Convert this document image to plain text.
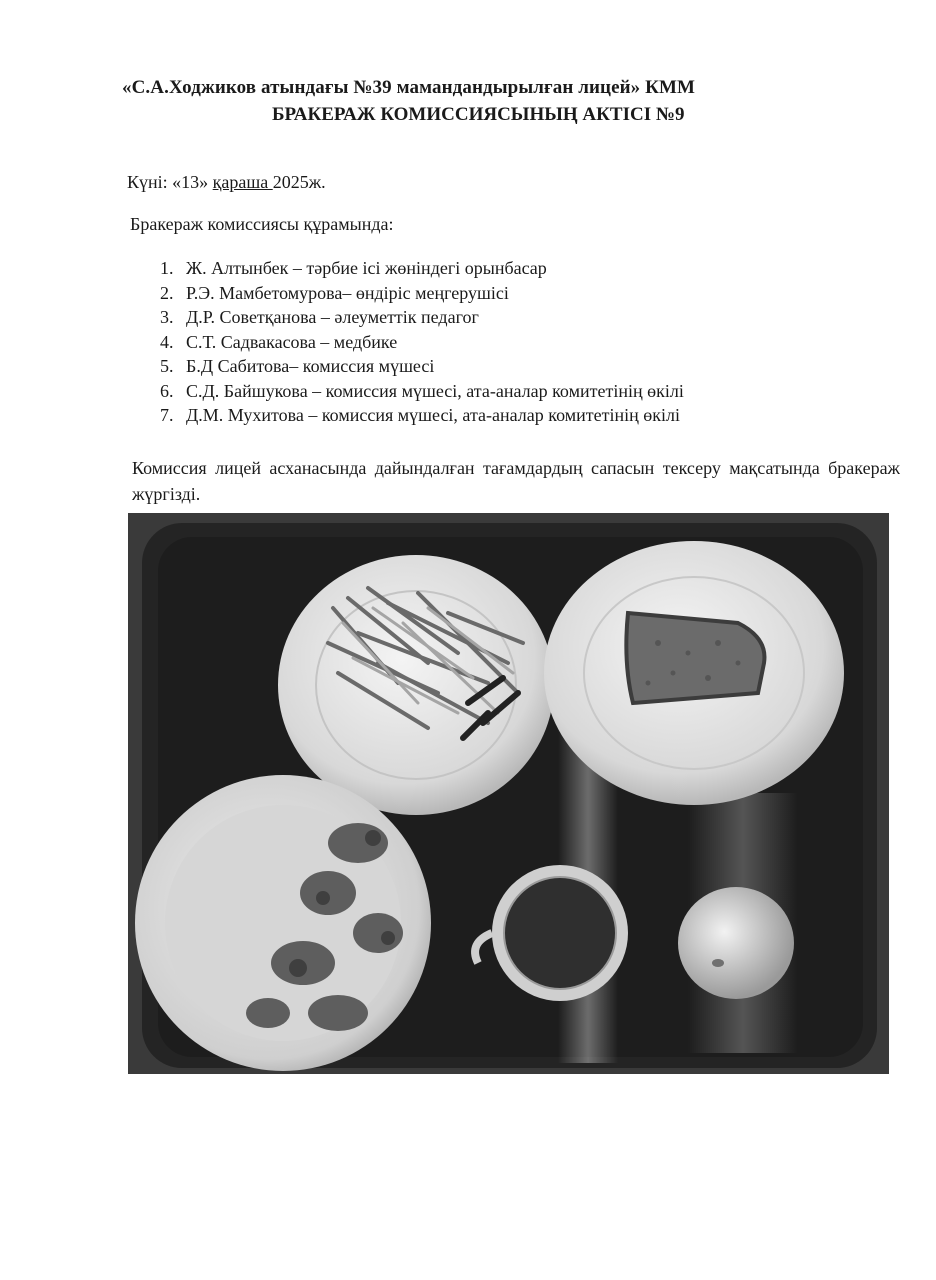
«С.А.Ходжиков атындағы №39 мамандандырылған лицей» КММ
БРАКЕРАЖ КОМИССИЯСЫНЫҢ АКТІСІ №9
Күні: «13» қараша 2025ж.
Бракераж комиссиясы құрамында:
1. Ж. Алтынбек – тәрбие ісі жөніндегі орынбасар
2. Р.Э. Мамбетомурова– өндіріс меңгерушісі
3. Д.Р. Советқанова – әлеуметтік педагог
4. С.Т. Садвакасова – медбике
5. Б.Д Сабитова– комиссия мүшесі
6. С.Д. Байшукова – комиссия мүшесі, ата-аналар комитетінің өкілі
7. Д.М. Мухитова – комиссия мүшесі, ата-аналар комитетінің өкілі
Комиссия лицей асханасында дайындалған тағамдардың сапасын тексеру мақсатында бракераж жүргізді.
